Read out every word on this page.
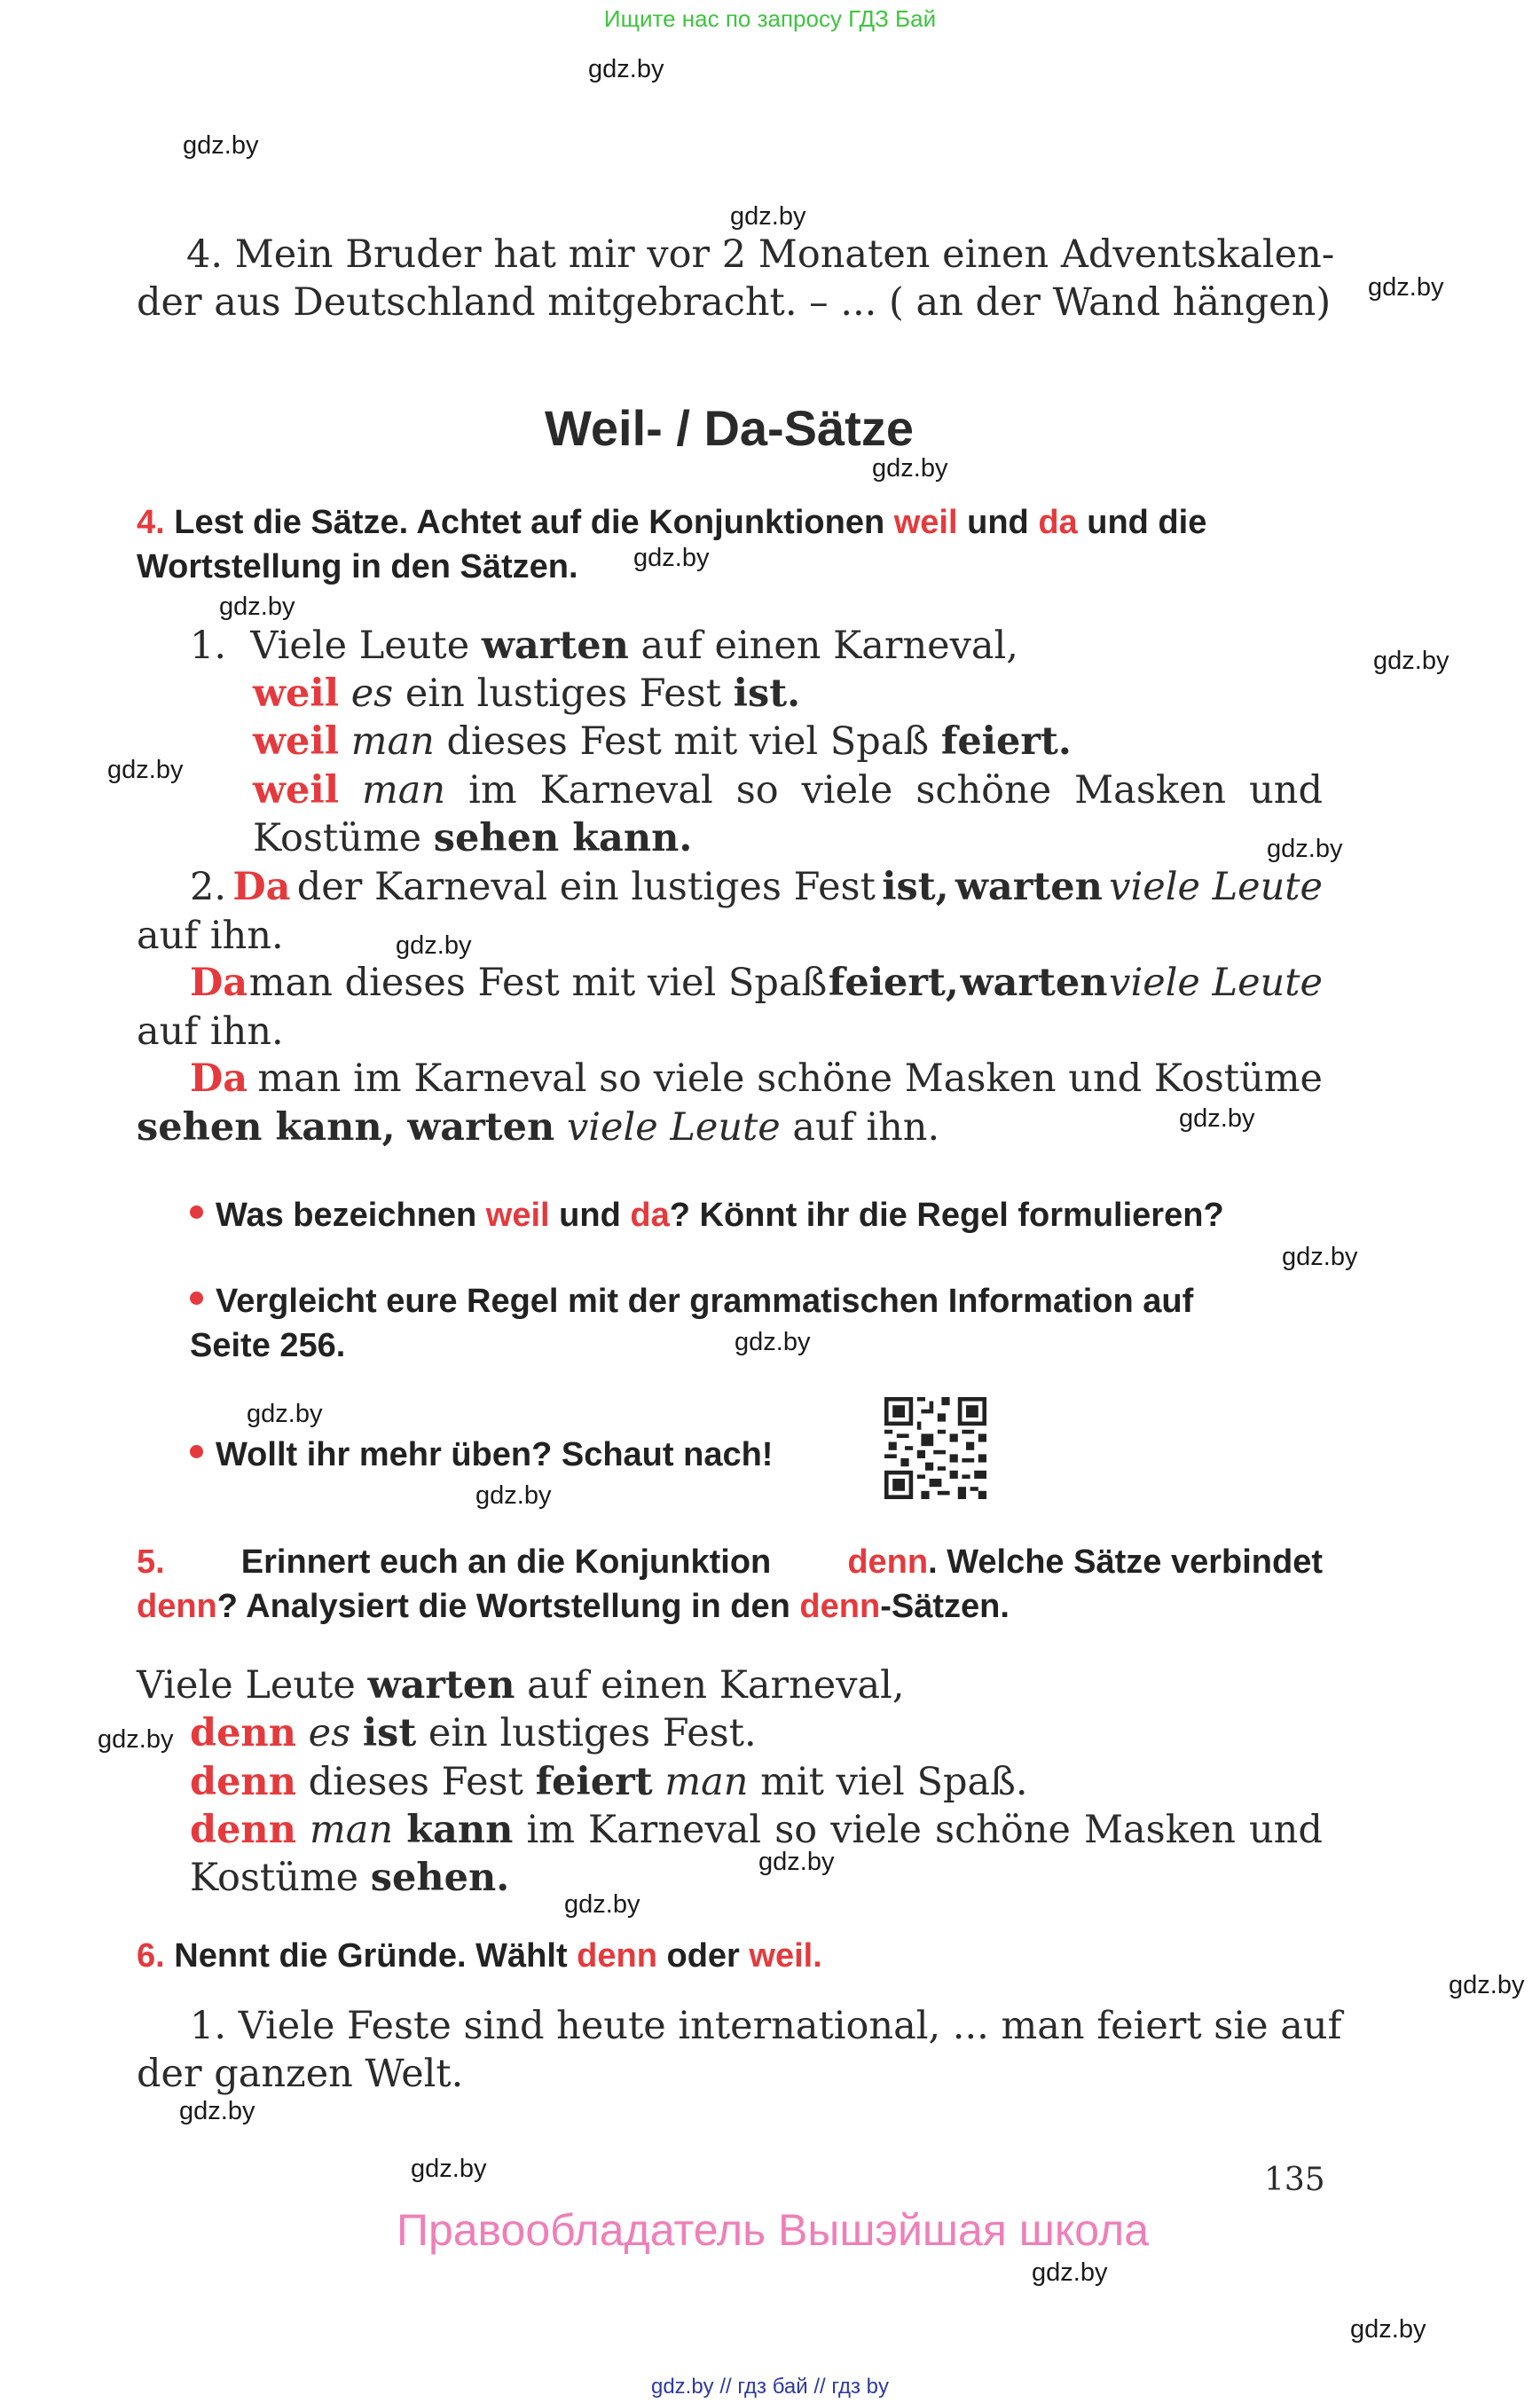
Ищите нас по запросу ГДЗ Бай
gdz.by
gdz.by
gdz.by
gdz.by
gdz.by
gdz.by
gdz.by
gdz.by
gdz.by
gdz.by
gdz.by
gdz.by
gdz.by
gdz.by
gdz.by
gdz.by
gdz.by
gdz.by
gdz.by
gdz.by
gdz.by
gdz.by
gdz.by
gdz.by
4. Mein Bruder hat mir vor 2 Monaten einen Adventskalen-
der aus Deutschland mitgebracht. – ... ( an der Wand hängen)
Weil- / Da-Sätze
4. Lest die Sätze. Achtet auf die Konjunktionen weil und da und die
Wortstellung in den Sätzen.
1. Viele Leute warten auf einen Karneval,
weil es ein lustiges Fest ist.
weil man dieses Fest mit viel Spaß feiert.
weil man im Karneval so viele schöne Masken und
Kostüme sehen kann.
2. Da der Karneval ein lustiges Fest ist, warten viele Leute
auf ihn.
Da man dieses Fest mit viel Spaß feiert, warten viele Leute
auf ihn.
Da man im Karneval so viele schöne Masken und Kostüme
sehen kann, warten viele Leute auf ihn.
Was bezeichnen weil und da? Könnt ihr die Regel formulieren?
Vergleicht eure Regel mit der grammatischen Information auf
Seite 256.
Wollt ihr mehr üben? Schaut nach!
5. Erinnert euch an die Konjunktion denn. Welche Sätze verbindet
denn? Analysiert die Wortstellung in den denn-Sätzen.
Viele Leute warten auf einen Karneval,
denn es ist ein lustiges Fest.
denn dieses Fest feiert man mit viel Spaß.
denn man kann im Karneval so viele schöne Masken und
Kostüme sehen.
6. Nennt die Gründe. Wählt denn oder weil.
1. Viele Feste sind heute international, ... man feiert sie auf
der ganzen Welt.
135
Правообладатель Вышэйшая школа
gdz.by // гдз бай // гдз by
